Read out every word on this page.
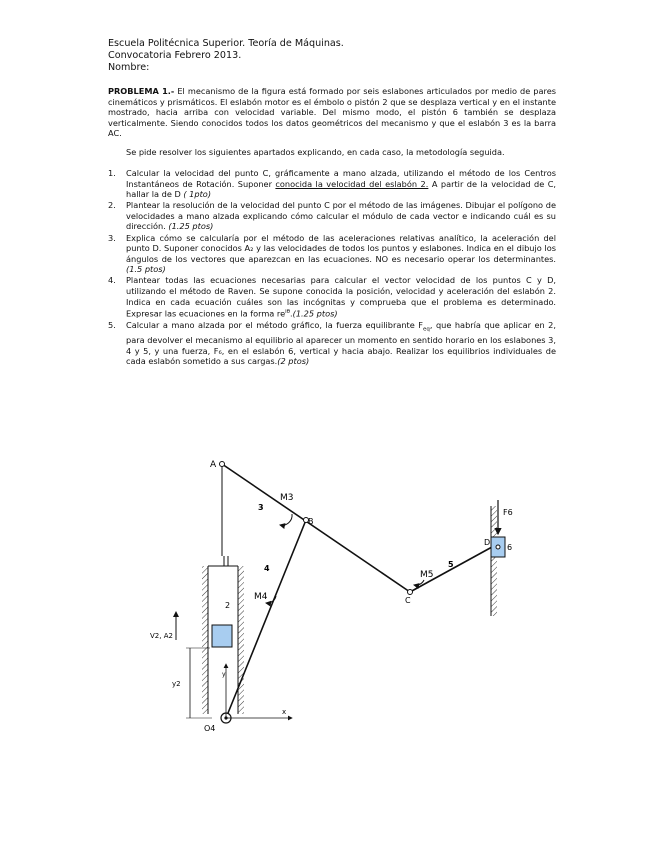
Escuela Politécnica Superior. Teoría de Máquinas.
Convocatoria Febrero 2013.
Nombre:
PROBLEMA 1.- El mecanismo de la figura está formado por seis eslabones articulados por medio de pares cinemáticos y prismáticos. El eslabón motor es el émbolo o pistón 2 que se desplaza vertical y en el instante mostrado, hacia arriba con velocidad variable. Del mismo modo, el pistón 6 también se desplaza verticalmente. Siendo conocidos todos los datos geométricos del mecanismo y que el eslabón 3 es la barra AC.
Se pide resolver los siguientes apartados explicando, en cada caso, la metodología seguida.
1. Calcular la velocidad del punto C, gráficamente a mano alzada, utilizando el método de los Centros Instantáneos de Rotación. Suponer conocida la velocidad del eslabón 2. A partir de la velocidad de C, hallar la de D ( 1pto)
2. Plantear la resolución de la velocidad del punto C por el método de las imágenes. Dibujar el polígono de velocidades a mano alzada explicando cómo calcular el módulo de cada vector e indicando cuál es su dirección. (1.25 ptos)
3. Explica cómo se calcularía por el método de las aceleraciones relativas analítico, la aceleración del punto D. Suponer conocidos A₂ y las velocidades de todos los puntos y eslabones. Indica en el dibujo los ángulos de los vectores que aparezcan en las ecuaciones. NO es necesario operar los determinantes. (1.5 ptos)
4. Plantear todas las ecuaciones necesarias para calcular el vector velocidad de los puntos C y D, utilizando el método de Raven. Se supone conocida la posición, velocidad y aceleración del eslabón 2. Indica en cada ecuación cuáles son las incógnitas y comprueba que el problema es determinado. Expresar las ecuaciones en la forma $re^{i\theta}.(1.25$ ptos)
5. Calcular a mano alzada por el método gráfico, la fuerza equilibrante $F_{eq}$, que habría que aplicar en 2, para devolver el mecanismo al equilibrio al aparecer un momento en sentido horario en los eslabones 3, 4 y 5, y una fuerza, F₆, en el eslabón 6, vertical y hacia abajo. Realizar los equilibrios individuales de cada eslabón sometido a sus cargas.(2 ptos)
A
B
C
D
3
4	5
6
2
M3
M4
M5
F6
V2, A2
y2
y
x
O4
